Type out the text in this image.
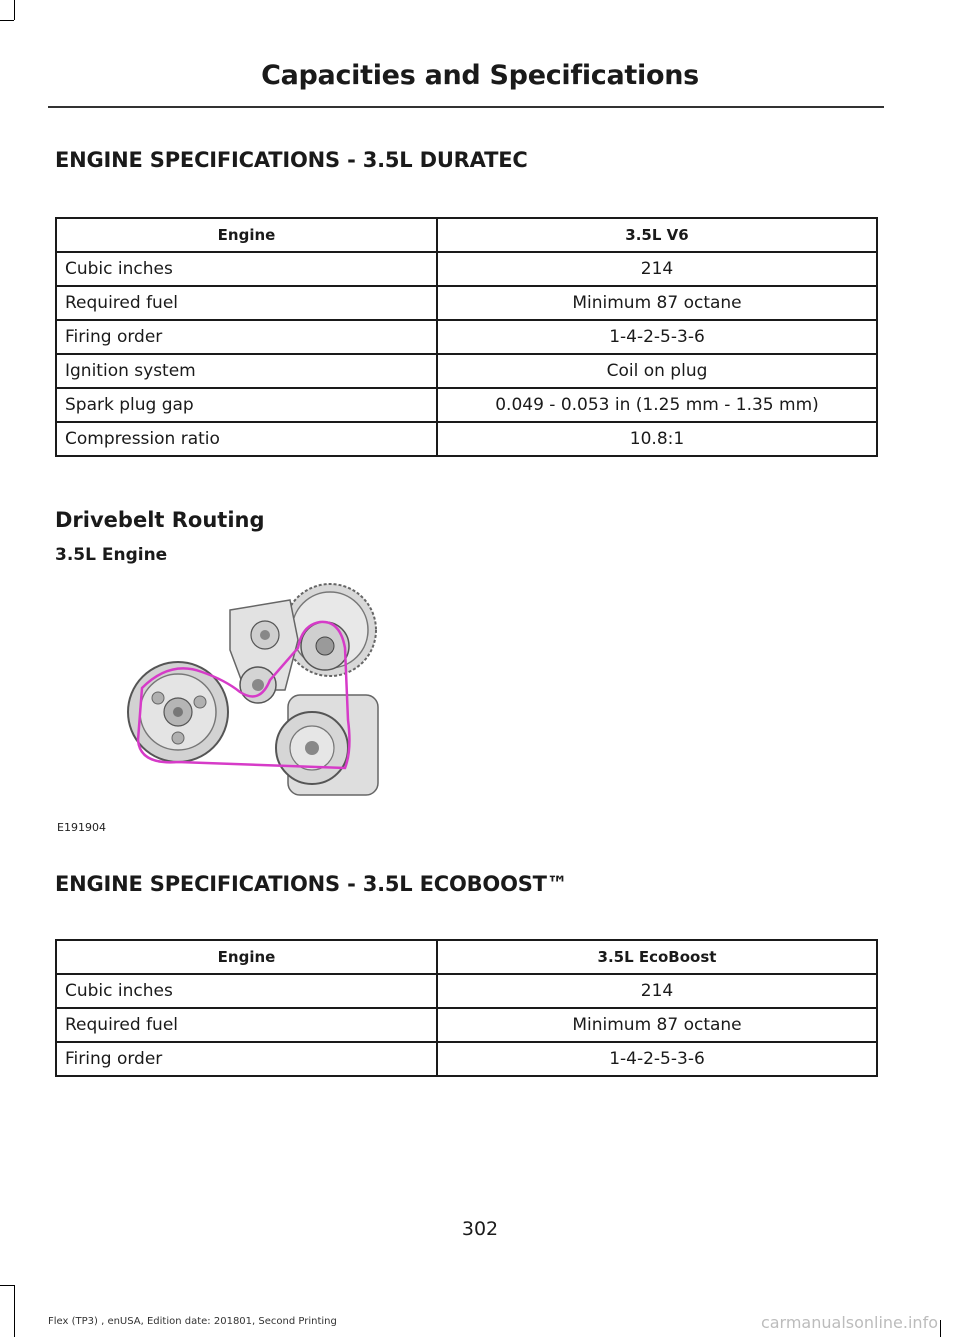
Capacities and Specifications
ENGINE SPECIFICATIONS - 3.5L DURATEC
Engine	3.5L V6
Cubic inches	214
Required fuel	Minimum 87 octane
Firing order	1-4-2-5-3-6
Ignition system	Coil on plug
Spark plug gap	0.049 - 0.053 in (1.25 mm - 1.35 mm)
Compression ratio	10.8:1
Drivebelt Routing
3.5L Engine
E191904
ENGINE SPECIFICATIONS - 3.5L ECOBOOST™
Engine	3.5L EcoBoost
Cubic inches	214
Required fuel	Minimum 87 octane
Firing order	1-4-2-5-3-6
302
Flex (TP3) , enUSA, Edition date: 201801, Second Printing	carmanualsonline.info
